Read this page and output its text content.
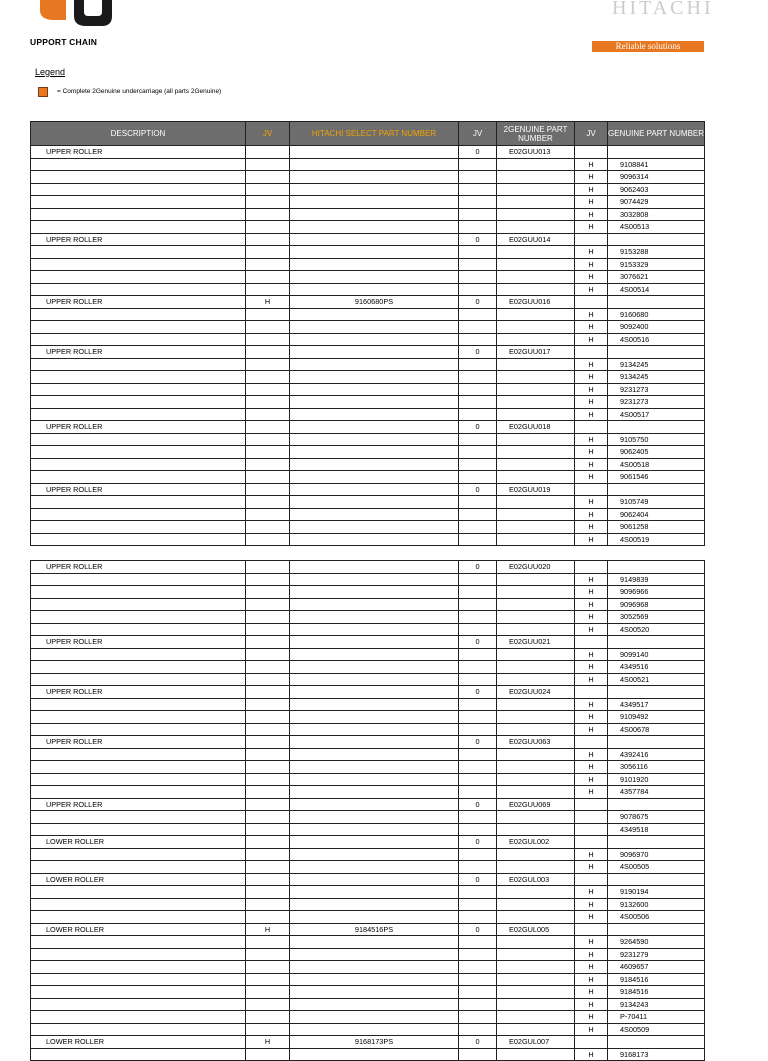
UPPORT CHAIN
HITACHI
Reliable solutions
Legend
= Complete 2Genuine undercarriage (all parts 2Genuine)
DESCRIPTION	JV	HITACHI SELECT PART NUMBER	JV	2GENUINE PART NUMBER	JV	GENUINE PART NUMBER
UPPER ROLLER			0	E02GUU013		
					H	9108841
					H	9096314
					H	9062403
					H	9074429
					H	3032808
					H	4S00513
UPPER ROLLER			0	E02GUU014		
					H	9153288
					H	9153329
					H	3076621
					H	4S00514
UPPER ROLLER	H	9160680PS	0	E02GUU016		
					H	9160680
					H	9092400
					H	4S00516
UPPER ROLLER			0	E02GUU017		
					H	9134245
					H	9134245
					H	9231273
					H	9231273
					H	4S00517
UPPER ROLLER			0	E02GUU018		
					H	9105750
					H	9062405
					H	4S00518
					H	9061546
UPPER ROLLER			0	E02GUU019		
					H	9105749
					H	9062404
					H	9061258
					H	4S00519
UPPER ROLLER			0	E02GUU020		
					H	9149839
					H	9096966
					H	9096968
					H	3052569
					H	4S00520
UPPER ROLLER			0	E02GUU021		
					H	9099140
					H	4349516
					H	4S00521
UPPER ROLLER			0	E02GUU024		
					H	4349517
					H	9109492
					H	4S00678
UPPER ROLLER			0	E02GUU063		
					H	4392416
					H	3056116
					H	9101920
					H	4357784
UPPER ROLLER			0	E02GUU069		
						9078675
						4349518
LOWER ROLLER			0	E02GUL002		
					H	9096970
					H	4S00505
LOWER ROLLER			0	E02GUL003		
					H	9190194
					H	9132600
					H	4S00506
LOWER ROLLER	H	9184516PS	0	E02GUL005		
					H	9264590
					H	9231279
					H	4609657
					H	9184516
					H	9184516
					H	9134243
					H	P-70411
					H	4S00509
LOWER ROLLER	H	9168173PS	0	E02GUL007		
					H	9168173
